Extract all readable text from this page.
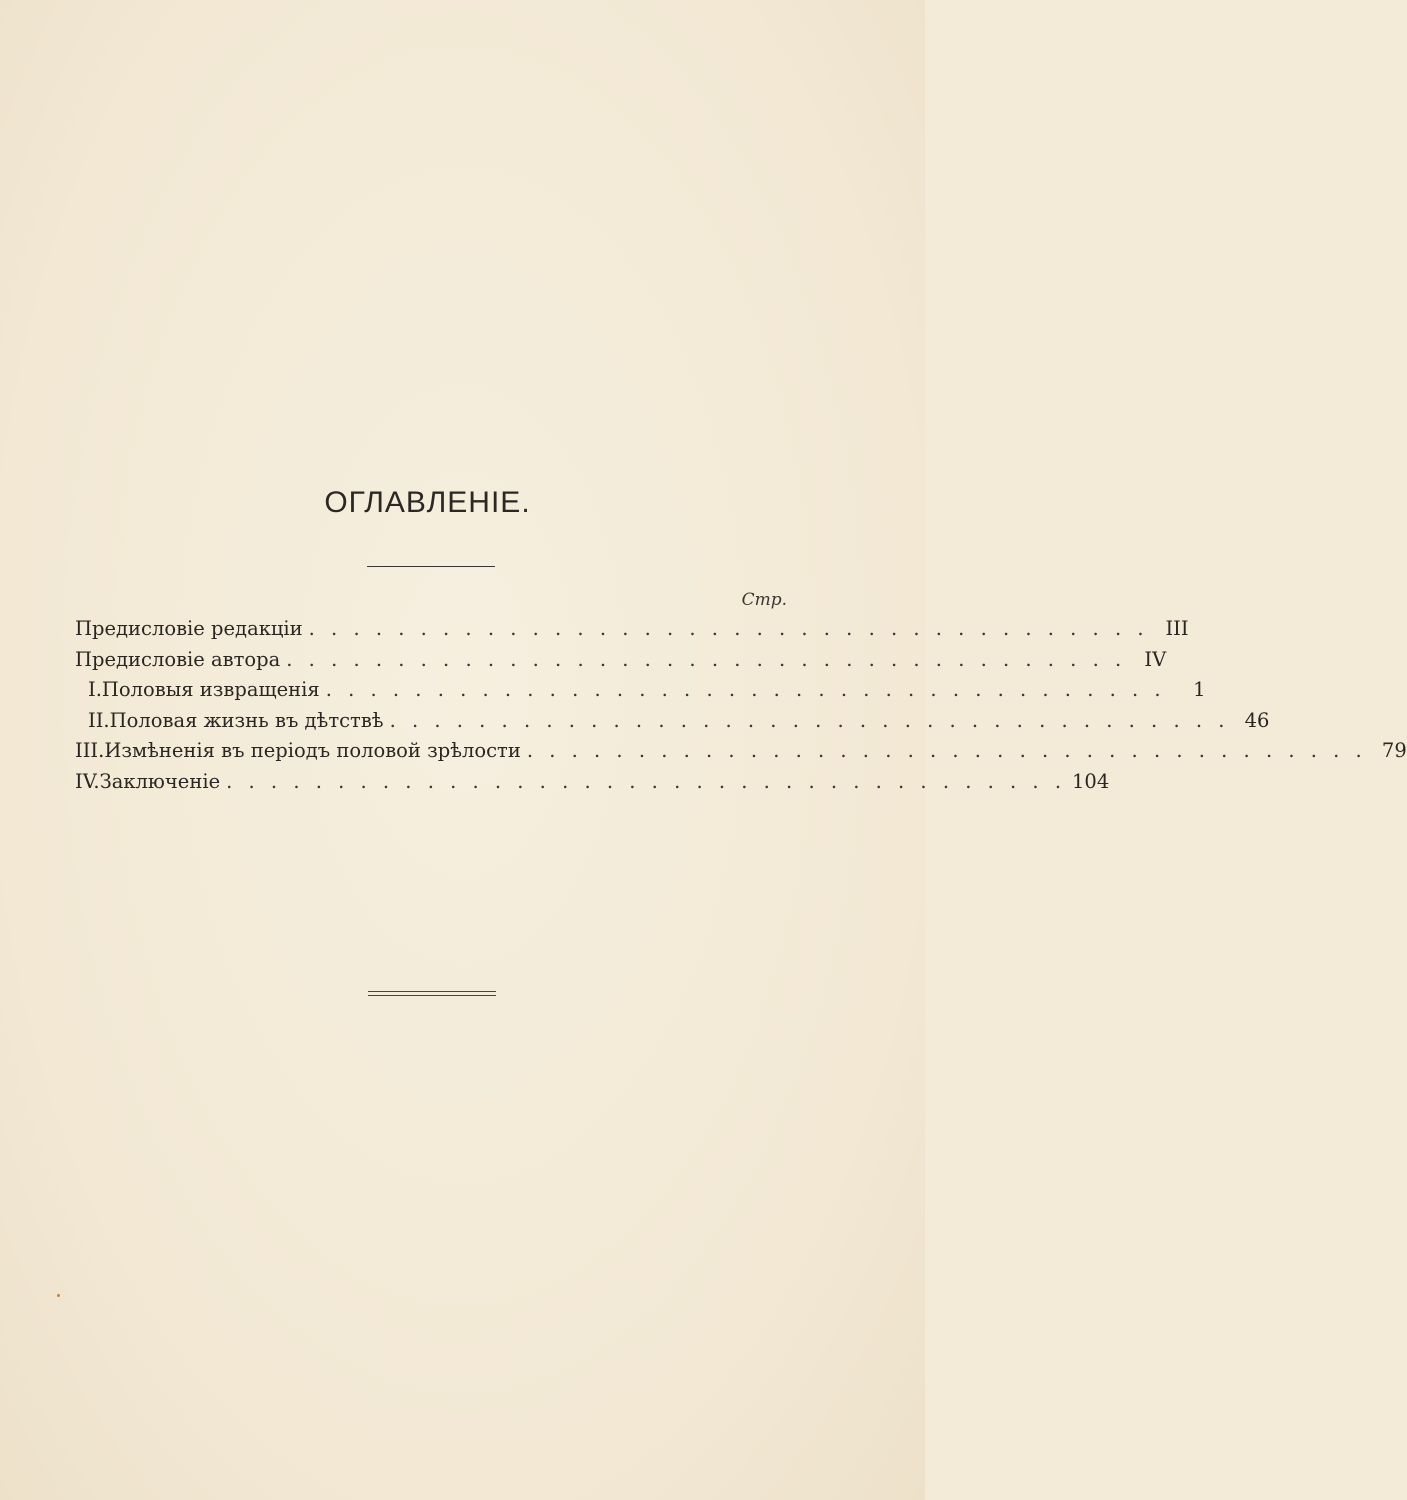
ОГЛАВЛЕНІЕ.
Стр.
Предисловіе редакціи . . . . . . . . . . . . . . . . . . . . . . . . . . . . . . . . . . . . . . III
Предисловіе автора . . . . . . . . . . . . . . . . . . . . . . . . . . . . . . . . . . . . . . IV
I. Половыя извращенія . . . . . . . . . . . . . . . . . . . . . . . . . . . . . . . . . . . . . .	1
II. Половая жизнь въ дѣтствѣ . . . . . . . . . . . . . . . . . . . . . . . . . . . . . . . . . . . . . . 46
III. Измѣненія въ періодъ половой зрѣлости . . . . . . . . . . . . . . . . . . . . . . . . . . . . . . . . . . . . . . 79
IV. Заключеніе . . . . . . . . . . . . . . . . . . . . . . . . . . . . . . . . . . . . . . 104
